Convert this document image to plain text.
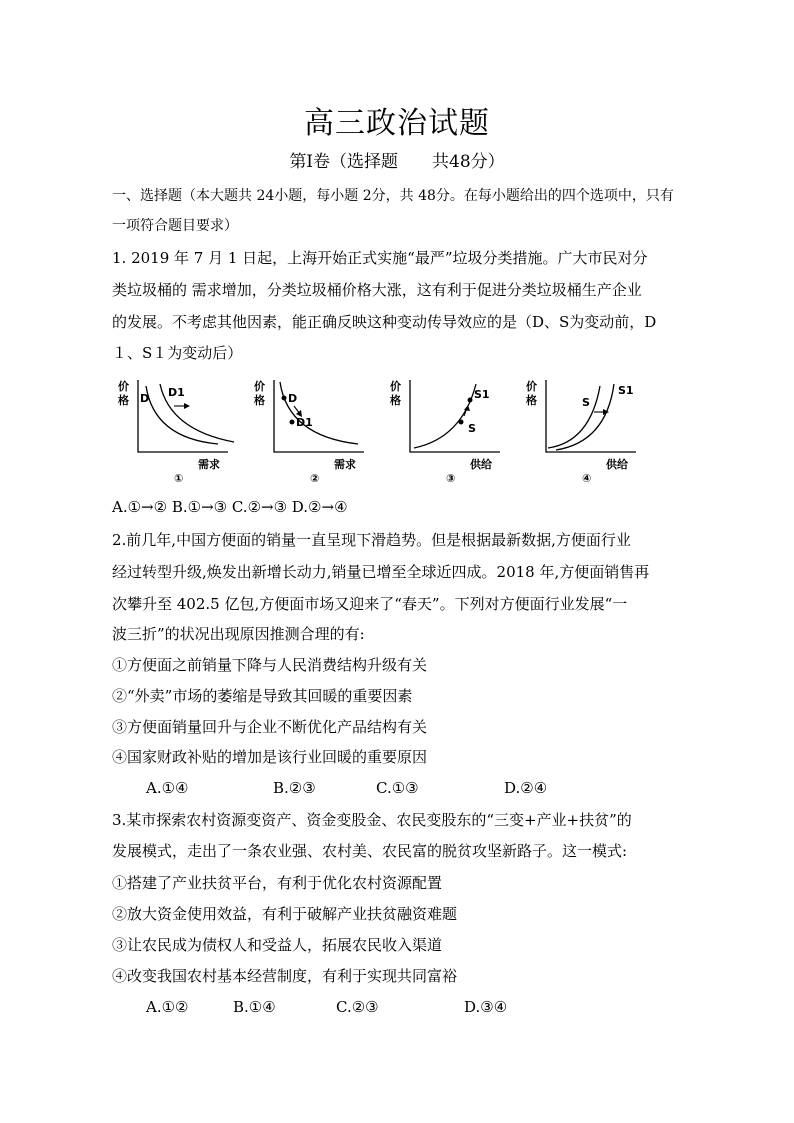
高三政治试题
第Ⅰ卷（选择题　　共48分）
一、选择题（本大题共 24小题，每小题 2分，共 48分。在每小题给出的四个选项中，只有
一项符合题目要求）
1. 2019 年 7 月 1 日起，上海开始正式实施“最严”垃圾分类措施。广大市民对分
类垃圾桶的 需求增加，分类垃圾桶价格大涨，这有利于促进分类垃圾桶生产企业
的发展。不考虑其他因素，能正确反映这种变动传导效应的是（D、S为变动前，D
１、S１为变动后）
价
格 D D1
需求
①
价
格 D
D1
需求
②
价
格	S1
S
供给
③
价
格	S
S1
供给
④
A.①→② B.①→③ C.②→③ D.②→④
2.前几年,中国方便面的销量一直呈现下滑趋势。但是根据最新数据,方便面行业
经过转型升级,焕发出新增长动力,销量已增至全球近四成。2018 年,方便面销售再
次攀升至 402.5 亿包,方便面市场又迎来了“春天”。下列对方便面行业发展“一
波三折”的状况出现原因推测合理的有:
①方便面之前销量下降与人民消费结构升级有关
②“外卖”市场的萎缩是导致其回暖的重要因素
③方便面销量回升与企业不断优化产品结构有关
④国家财政补贴的增加是该行业回暖的重要原因
A.①④	B.②③	C.①③	D.②④
3.某市探索农村资源变资产、资金变股金、农民变股东的“三变+产业+扶贫”的
发展模式，走出了一条农业强、农村美、农民富的脱贫攻坚新路子。这一模式:
①搭建了产业扶贫平台，有利于优化农村资源配置
②放大资金使用效益，有利于破解产业扶贫融资难题
③让农民成为债权人和受益人，拓展农民收入渠道
④改变我国农村基本经营制度，有利于实现共同富裕
A.①②	B.①④	C.②③	D.③④
